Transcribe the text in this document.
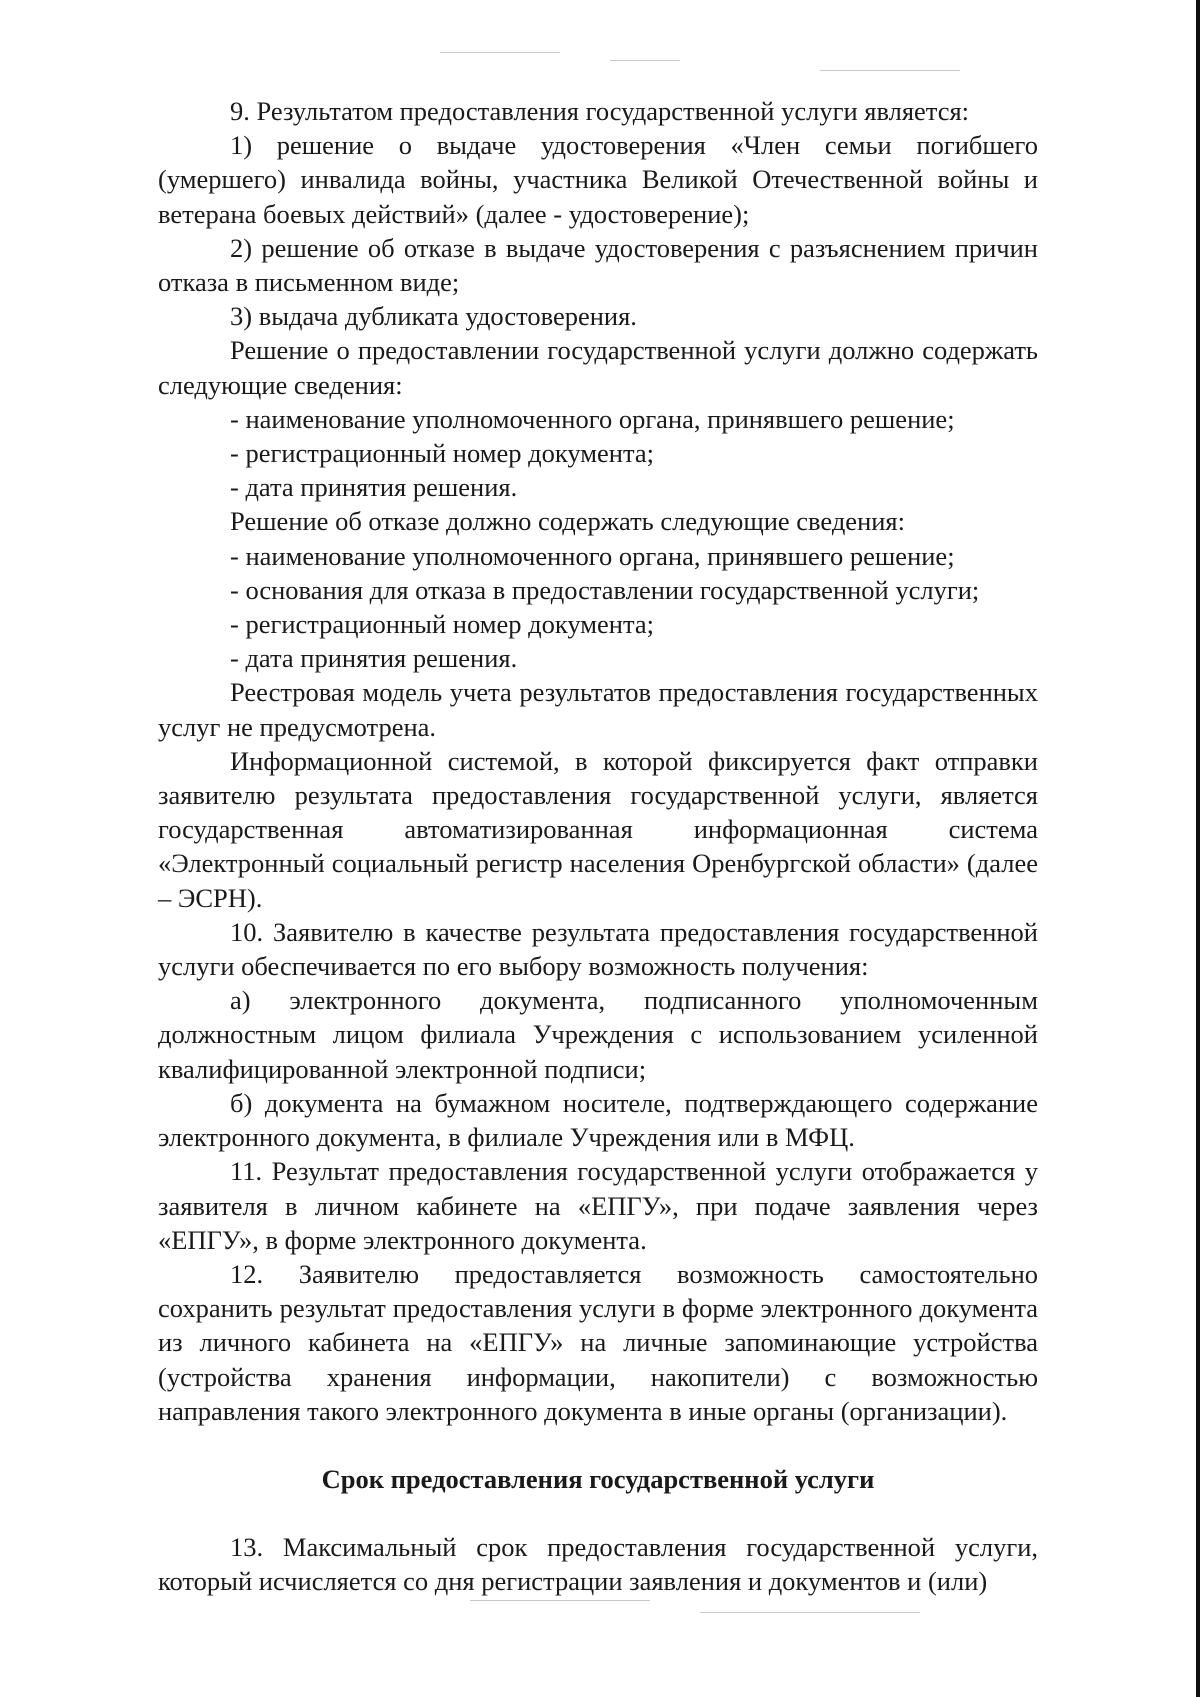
9. Результатом предоставления государственной услуги является:

1) решение о выдаче удостоверения «Член семьи погибшего (умершего) инвалида войны, участника Великой Отечественной войны и ветерана боевых действий» (далее - удостоверение);

2) решение об отказе в выдаче удостоверения с разъяснением причин отказа в письменном виде;

3) выдача дубликата удостоверения.

Решение о предоставлении государственной услуги должно содержать следующие сведения:

- наименование уполномоченного органа, принявшего решение;

- регистрационный номер документа;

- дата принятия решения.

Решение об отказе должно содержать следующие сведения:

- наименование уполномоченного органа, принявшего решение;

- основания для отказа в предоставлении государственной услуги;

- регистрационный номер документа;

- дата принятия решения.

Реестровая модель учета результатов предоставления государственных услуг не предусмотрена.

Информационной системой, в которой фиксируется факт отправки заявителю результата предоставления государственной услуги, является государственная автоматизированная информационная система «Электронный социальный регистр населения Оренбургской области» (далее – ЭСРН).

10. Заявителю в качестве результата предоставления государственной услуги обеспечивается по его выбору возможность получения:

а) электронного документа, подписанного уполномоченным должностным лицом филиала Учреждения с использованием усиленной квалифицированной электронной подписи;

б) документа на бумажном носителе, подтверждающего содержание электронного документа, в филиале Учреждения или в МФЦ.

11. Результат предоставления государственной услуги отображается у заявителя в личном кабинете на «ЕПГУ», при подаче заявления через «ЕПГУ», в форме электронного документа.

12. Заявителю предоставляется возможность самостоятельно сохранить результат предоставления услуги в форме электронного документа из личного кабинета на «ЕПГУ» на личные запоминающие устройства (устройства хранения информации, накопители) с возможностью направления такого электронного документа в иные органы (организации).

Срок предоставления государственной услуги

13. Максимальный срок предоставления государственной услуги, который исчисляется со дня регистрации заявления и документов и (или)
